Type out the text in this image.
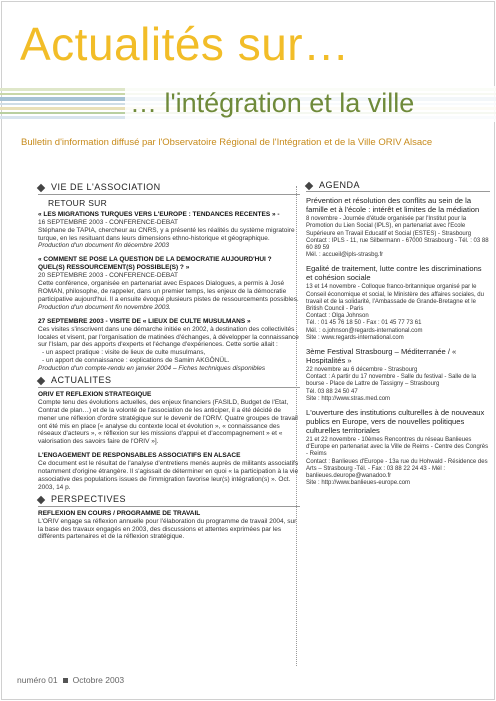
Actualités sur…
… l'intégration et la ville
Bulletin d'information diffusé par l'Observatoire Régional de l'Intégration et de la Ville ORIV Alsace
VIE DE L'ASSOCIATION
RETOUR SUR
« LES MIGRATIONS TURQUES VERS L'EUROPE : TENDANCES RECENTES » -
16 SEPTEMBRE 2003 - CONFERENCE-DEBAT
Stéphane de TAPIA, chercheur au CNRS, y a présenté les réalités du système migratoire turque, en les resituant dans leurs dimensions ethno-historique et géographique.
Production d'un document fin décembre 2003
« COMMENT SE POSE LA QUESTION DE LA DEMOCRATIE AUJOURD'HUI ? QUEL(S) RESSOURCEMENT(S) POSSIBLE(S) ? »
20 SEPTEMBRE 2003 - CONFERENCE-DEBAT
Cette conférence, organisée en partenariat avec Espaces Dialogues, a permis à José ROMAN, philosophe, de rappeler, dans un premier temps, les enjeux de la démocratie participative aujourd'hui. Il a ensuite évoqué plusieurs pistes de ressourcements possibles.
Production d'un document fin novembre 2003.
27 SEPTEMBRE 2003 - VISITE DE « LIEUX DE CULTE MUSULMANS »
Ces visites s'inscrivent dans une démarche initiée en 2002, à destination des collectivités locales et visent, par l'organisation de matinées d'échanges, à développer la connaissance sur l'Islam, par des apports d'experts et l'échange d'expériences. Cette sortie allait :
- un aspect pratique : visite de lieux de culte musulmans,
- un apport de connaissance : explications de Samim AKGÖNÜL.
Production d'un compte-rendu en janvier 2004 – Fiches techniques disponibles
ACTUALITES
ORIV ET REFLEXION STRATEGIQUE
Compte tenu des évolutions actuelles, des enjeux financiers (FASILD, Budget de l'Etat, Contrat de plan…) et de la volonté de l'association de les anticiper, il a été décidé de mener une réflexion d'ordre stratégique sur le devenir de l'ORIV. Quatre groupes de travail ont été mis en place [« analyse du contexte local et évolution », « connaissance des réseaux d'acteurs », « réflexion sur les missions d'appui et d'accompagnement » et « valorisation des savoirs faire de l'ORIV »].
L'ENGAGEMENT DE RESPONSABLES ASSOCIATIFS EN ALSACE
Ce document est le résultat de l'analyse d'entretiens menés auprès de militants associatifs notamment d'origine étrangère. Il s'agissait de déterminer en quoi « la participation à la vie associative des populations issues de l'immigration favorise leur(s) intégration(s) ». Oct. 2003, 14 p.
PERSPECTIVES
REFLEXION EN COURS / PROGRAMME DE TRAVAIL
L'ORIV engage sa réflexion annuelle pour l'élaboration du programme de travail 2004, sur la base des travaux engagés en 2003, des discussions et attentes exprimées par les différents partenaires et de la réflexion stratégique.
AGENDA
Prévention et résolution des conflits au sein de la famille et à l'école : intérêt et limites de la médiation
8 novembre - Journée d'étude organisée par l'Institut pour la Promotion du Lien Social (IPLS), en partenariat avec l'Ecole Supérieure en Travail Educatif et Social (ESTES) - Strasbourg
Contact : IPLS - 11, rue Silbermann - 67000 Strasbourg - Tél. : 03 88 60 89 59
Mél. : accueil@ipls-strasbg.fr
Egalité de traitement, lutte contre les discriminations et cohésion sociale
13 et 14 novembre - Colloque franco-britannique organisé par le Conseil économique et social, le Ministère des affaires sociales, du travail et de la solidarité, l'Ambassade de Grande-Bretagne et le British Council - Paris
Contact : Olga Johnson
Tél. : 01 45 76 18 50 - Fax : 01 45 77 73 61
Mél. : o.johnson@regards-international.com
Site : www.regards-international.com
3ème Festival Strasbourg – Méditerranée / « Hospitalités »
22 novembre au 6 décembre - Strasbourg
Contact : A partir du 17 novembre - Salle du festival - Salle de la bourse - Place de Lattre de Tassigny – Strasbourg
Tél. 03 88 24 50 47
Site : http://www.stras.med.com
L'ouverture des institutions culturelles à de nouveaux publics en Europe, vers de nouvelles politiques culturelles territoriales
21 et 22 novembre - 10èmes Rencontres du réseau Banlieues d'Europe en partenariat avec la Ville de Reims - Centre des Congrès - Reims
Contact : Banlieues d'Europe - 13a rue du Hohwald - Résidence des Arts – Strasbourg -Tél. - Fax : 03 88 22 24 43 - Mél : banlieues.deurope@wanadoo.fr
Site : http://www.banlieues-europe.com
numéro 01 Octobre 2003
